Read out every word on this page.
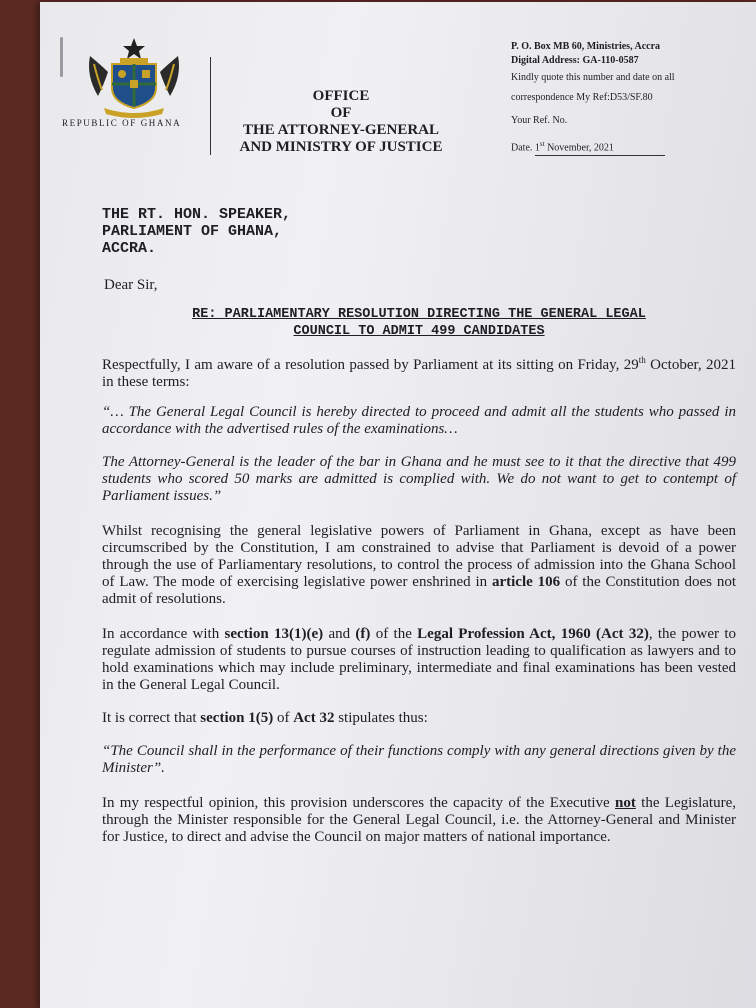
REPUBLIC OF GHANA
OFFICE
OF
THE ATTORNEY-GENERAL
AND MINISTRY OF JUSTICE
P. O. Box MB 60, Ministries, Accra
Digital Address: GA-110-0587
Kindly quote this number and date on all
correspondence My Ref:D53/SF.80
Your Ref. No.
Date. 1st November, 2021
THE RT. HON. SPEAKER,
PARLIAMENT OF GHANA,
ACCRA.
Dear Sir,
RE: PARLIAMENTARY RESOLUTION DIRECTING THE GENERAL LEGAL
COUNCIL TO ADMIT 499 CANDIDATES

Respectfully, I am aware of a resolution passed by Parliament at its sitting on Friday, 29th October, 2021 in these terms:

“… The General Legal Council is hereby directed to proceed and admit all the students who passed in accordance with the advertised rules of the examinations…

The Attorney-General is the leader of the bar in Ghana and he must see to it that the directive that 499 students who scored 50 marks are admitted is complied with. We do not want to get to contempt of Parliament issues.”

Whilst recognising the general legislative powers of Parliament in Ghana, except as have been circumscribed by the Constitution, I am constrained to advise that Parliament is devoid of a power through the use of Parliamentary resolutions, to control the process of admission into the Ghana School of Law. The mode of exercising legislative power enshrined in article 106 of the Constitution does not admit of resolutions.

In accordance with section 13(1)(e) and (f) of the Legal Profession Act, 1960 (Act 32), the power to regulate admission of students to pursue courses of instruction leading to qualification as lawyers and to hold examinations which may include preliminary, intermediate and final examinations has been vested in the General Legal Council.

It is correct that section 1(5) of Act 32 stipulates thus:

“The Council shall in the performance of their functions comply with any general directions given by the Minister”.

In my respectful opinion, this provision underscores the capacity of the Executive not the Legislature, through the Minister responsible for the General Legal Council, i.e. the Attorney-General and Minister for Justice, to direct and advise the Council on major matters of national importance.
